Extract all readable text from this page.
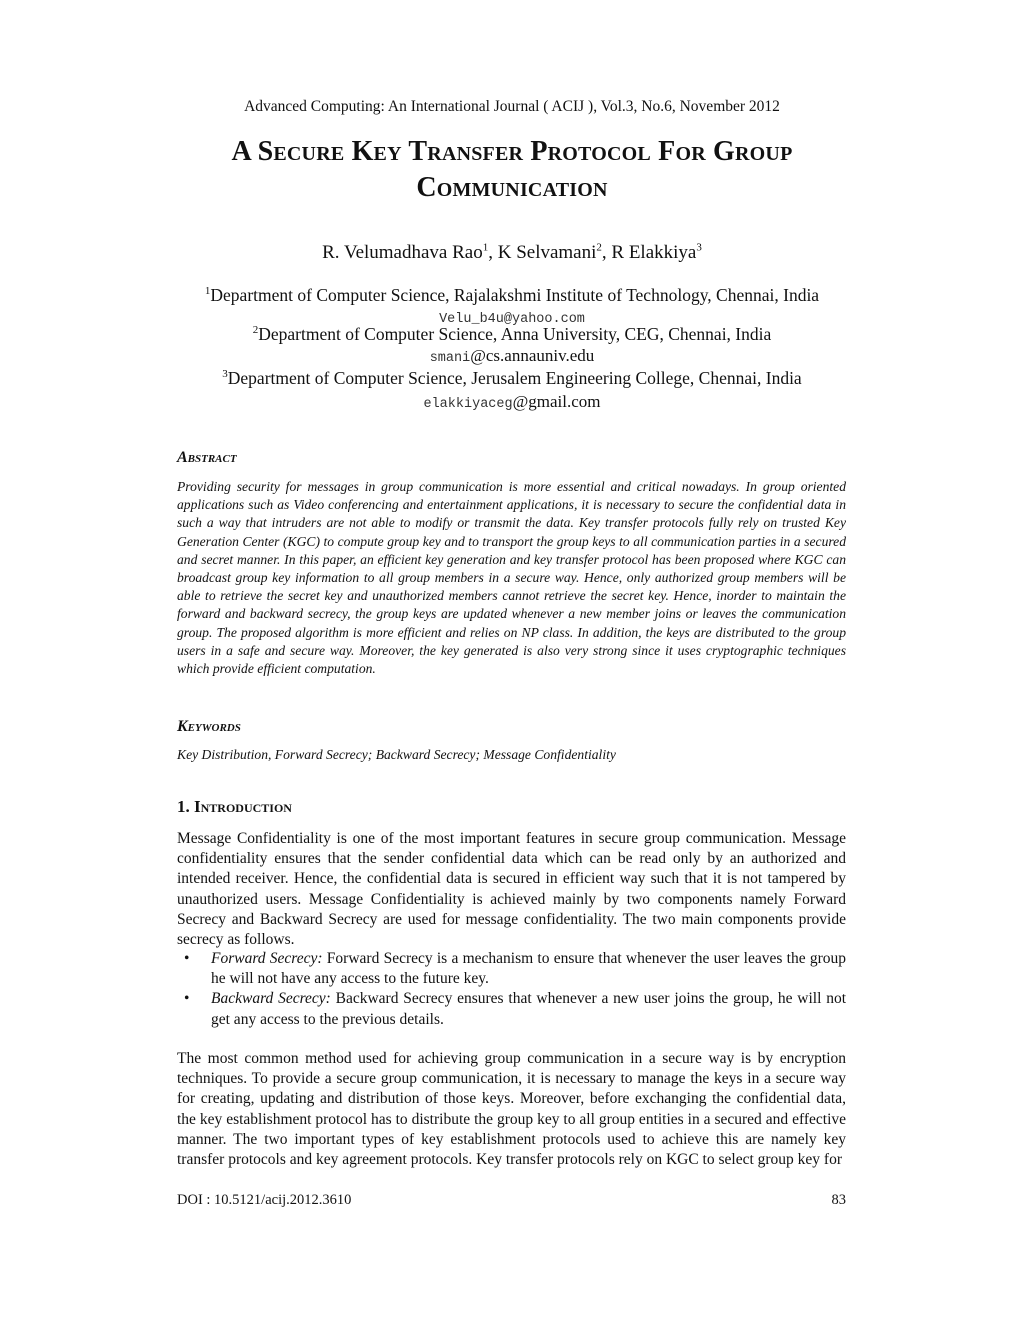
Advanced Computing: An International Journal ( ACIJ ), Vol.3, No.6, November 2012
A Secure Key Transfer Protocol For Group
Communication
R. Velumadhava Rao$^1$, K Selvamani$^2$, R Elakkiya$^3$
$^1$Department of Computer Science, Rajalakshmi Institute of Technology, Chennai, India
Velu_b4u@yahoo.com
$^2$Department of Computer Science, Anna University, CEG, Chennai, India
smani@cs.annauniv.edu
$^3$Department of Computer Science, Jerusalem Engineering College, Chennai, India
elakkiyaceg@gmail.com
Abstract
Providing security for messages in group communication is more essential and critical nowadays. In group oriented applications such as Video conferencing and entertainment applications, it is necessary to secure the confidential data in such a way that intruders are not able to modify or transmit the data. Key transfer protocols fully rely on trusted Key Generation Center (KGC) to compute group key and to transport the group keys to all communication parties in a secured and secret manner. In this paper, an efficient key generation and key transfer protocol has been proposed where KGC can broadcast group key information to all group members in a secure way. Hence, only authorized group members will be able to retrieve the secret key and unauthorized members cannot retrieve the secret key. Hence, inorder to maintain the forward and backward secrecy, the group keys are updated whenever a new member joins or leaves the communication group. The proposed algorithm is more efficient and relies on NP class. In addition, the keys are distributed to the group users in a safe and secure way. Moreover, the key generated is also very strong since it uses cryptographic techniques which provide efficient computation.
Keywords
Key Distribution, Forward Secrecy; Backward Secrecy; Message Confidentiality
1. Introduction
Message Confidentiality is one of the most important features in secure group communication. Message confidentiality ensures that the sender confidential data which can be read only by an authorized and intended receiver. Hence, the confidential data is secured in efficient way such that it is not tampered by unauthorized users. Message Confidentiality is achieved mainly by two components namely Forward Secrecy and Backward Secrecy are used for message confidentiality. The two main components provide secrecy as follows.
• Forward Secrecy: Forward Secrecy is a mechanism to ensure that whenever the user leaves the group he will not have any access to the future key.
• Backward Secrecy: Backward Secrecy ensures that whenever a new user joins the group, he will not get any access to the previous details.
The most common method used for achieving group communication in a secure way is by encryption techniques. To provide a secure group communication, it is necessary to manage the keys in a secure way for creating, updating and distribution of those keys. Moreover, before exchanging the confidential data, the key establishment protocol has to distribute the group key to all group entities in a secured and effective manner. The two important types of key establishment protocols used to achieve this are namely key transfer protocols and key agreement protocols. Key transfer protocols rely on KGC to select group key for
DOI : 10.5121/acij.2012.3610	83
